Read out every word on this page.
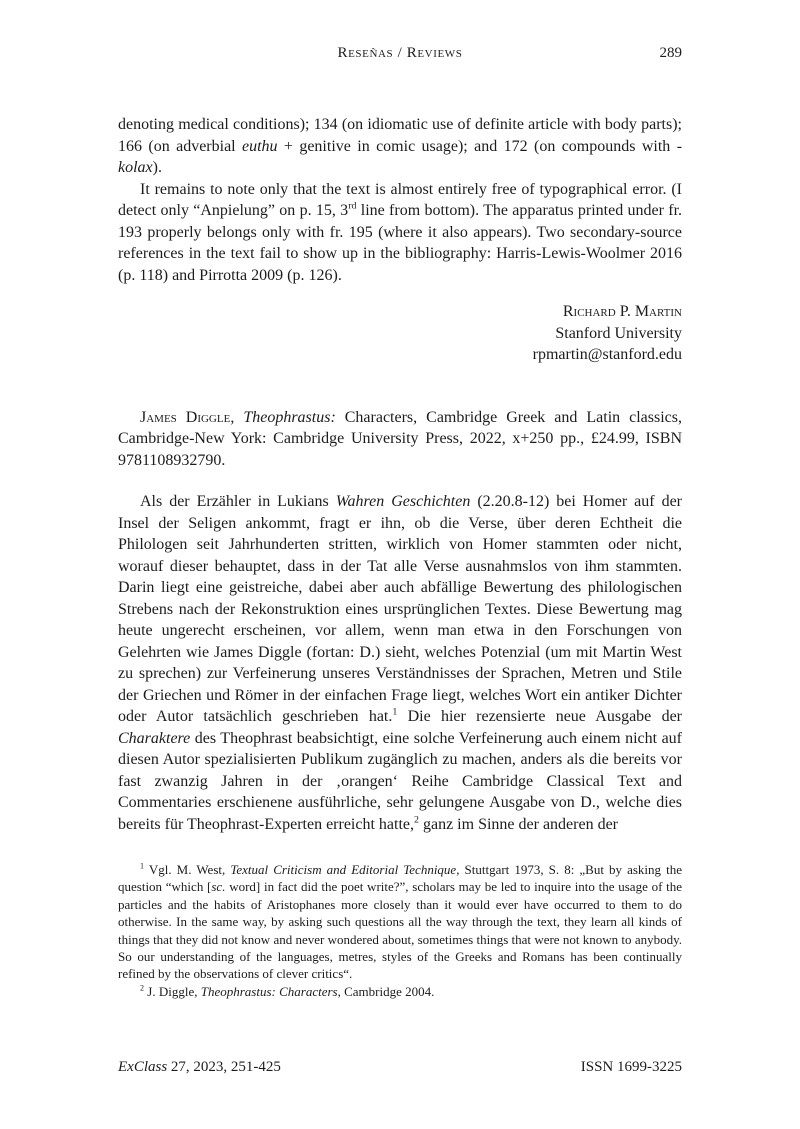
Reseñas / Reviews	289

denoting medical conditions); 134 (on idiomatic use of definite article with body parts); 166 (on adverbial euthu + genitive in comic usage); and 172 (on compounds with -kolax).

It remains to note only that the text is almost entirely free of typographical error. (I detect only “Anpielung” on p. 15, 3rd line from bottom). The apparatus printed under fr. 193 properly belongs only with fr. 195 (where it also appears). Two secondary-source references in the text fail to show up in the bibliography: Harris-Lewis-Woolmer 2016 (p. 118) and Pirrotta 2009 (p. 126).

Richard P. Martin
Stanford University
rpmartin@stanford.edu

James Diggle, Theophrastus: Characters, Cambridge Greek and Latin classics, Cambridge-New York: Cambridge University Press, 2022, x+250 pp., £24.99, ISBN 9781108932790.

Als der Erzähler in Lukians Wahren Geschichten (2.20.8-12) bei Homer auf der Insel der Seligen ankommt, fragt er ihn, ob die Verse, über deren Echtheit die Philologen seit Jahrhunderten stritten, wirklich von Homer stammten oder nicht, worauf dieser behauptet, dass in der Tat alle Verse ausnahmslos von ihm stammten. Darin liegt eine geistreiche, dabei aber auch abfällige Bewertung des philologischen Strebens nach der Rekonstruktion eines ursprünglichen Textes. Diese Bewertung mag heute ungerecht erscheinen, vor allem, wenn man etwa in den Forschungen von Gelehrten wie James Diggle (fortan: D.) sieht, welches Potenzial (um mit Martin West zu sprechen) zur Verfeinerung unseres Verständnisses der Sprachen, Metren und Stile der Griechen und Römer in der einfachen Frage liegt, welches Wort ein antiker Dichter oder Autor tatsächlich geschrieben hat.$^1$ Die hier rezensierte neue Ausgabe der Charaktere des Theophrast beabsichtigt, eine solche Verfeinerung auch einem nicht auf diesen Autor spezialisierten Publikum zugänglich zu machen, anders als die bereits vor fast zwanzig Jahren in der ‚orangen‘ Reihe Cambridge Classical Text and Commentaries erschienene ausführliche, sehr gelungene Ausgabe von D., welche dies bereits für Theophrast-Experten erreicht hatte,$^2$ ganz im Sinne der anderen der

$^1$ Vgl. M. West, Textual Criticism and Editorial Technique, Stuttgart 1973, S. 8: „But by asking the question “which [sc. word] in fact did the poet write?”, scholars may be led to inquire into the usage of the particles and the habits of Aristophanes more closely than it would ever have occurred to them to do otherwise. In the same way, by asking such questions all the way through the text, they learn all kinds of things that they did not know and never wondered about, sometimes things that were not known to anybody. So our understanding of the languages, metres, styles of the Greeks and Romans has been continually refined by the observations of clever critics“.

$^2$ J. Diggle, Theophrastus: Characters, Cambridge 2004.

ExClass 27, 2023, 251-425	ISSN 1699-3225
